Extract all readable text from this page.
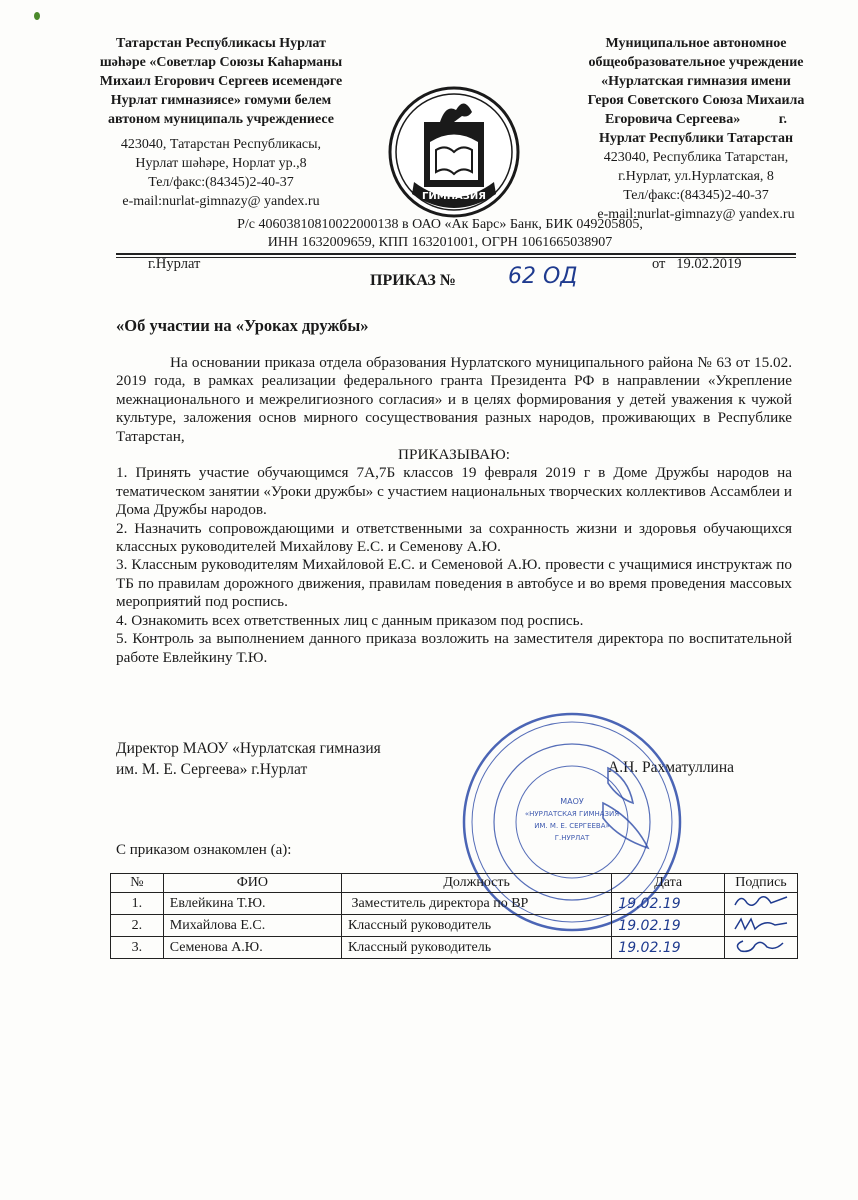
Татарстан Республикасы Нурлат
шәһәре «Советлар Союзы Каһарманы
Михаил Егорович Сергеев исемендәге
Нурлат гимназиясе» гомуми белем
автоном муниципаль учреждениесе
423040, Татарстан Республикасы,
Нурлат шәһәре, Норлат ур.,8
Тел/факс:(84345)2-40-37
e-mail:nurlat-gimnazy@ yandex.ru	ГИМНАЗИЯ
Муниципальное автономное
общеобразовательное учреждение
«Нурлатская гимназия имени
Героя Советского Союза Михаила
Егоровича Сергеева»           г.
Нурлат Республики Татарстан
423040, Республика Татарстан,
г.Нурлат, ул.Нурлатская, 8
Тел/факс:(84345)2-40-37
e-mail:nurlat-gimnazy@ yandex.ru
Р/с 40603810810022000138 в ОАО «Ак Барс» Банк, БИК 049205805,
ИНН 1632009659, КПП 163201001, ОГРН 1061665038907
г.Нурлат	от   19.02.2019
ПРИКАЗ № 62 ОД
«Об участии на «Уроках дружбы»

На основании приказа отдела образования Нурлатского муниципального района № 63 от 15.02. 2019 года, в рамках реализации федерального гранта Президента РФ в направлении «Укрепление межнационального и межрелигиозного согласия» и в целях формирования у детей уважения к чужой культуре, заложения основ мирного сосуществования разных народов, проживающих в Республике Татарстан,

ПРИКАЗЫВАЮ:

1. Принять участие обучающимся 7А,7Б классов 19 февраля 2019 г в Доме Дружбы народов на тематическом занятии «Уроки дружбы» с участием национальных творческих коллективов Ассамблеи и Дома Дружбы народов.

2. Назначить сопровождающими и ответственными за сохранность жизни и здоровья обучающихся классных руководителей Михайлову Е.С. и Семенову А.Ю.

3. Классным руководителям Михайловой Е.С. и Семеновой А.Ю. провести с учащимися инструктаж по ТБ по правилам дорожного движения, правилам поведения в автобусе и во время проведения массовых мероприятий под роспись.

4. Ознакомить всех ответственных лиц с данным приказом под роспись.

5. Контроль за выполнением данного приказа возложить на заместителя директора по воспитательной работе Евлейкину Т.Ю.

Директор МАОУ «Нурлатская гимназия
им. М. Е. Сергеева» г.Нурлат	А.Н. Рахматуллина
МАОУ
«НУРЛАТСКАЯ ГИМНАЗИЯ
ИМ. М. Е. СЕРГЕЕВА»
Г.НУРЛАТ
С приказом ознакомлен (а):
№	ФИО	Должность	Дата	Подпись
1.	Евлейкина Т.Ю.	Заместитель директора по ВР	19.02.19	
2.	Михайлова Е.С.	Классный руководитель	19.02.19	
3.	Семенова А.Ю.	Классный руководитель	19.02.19	
